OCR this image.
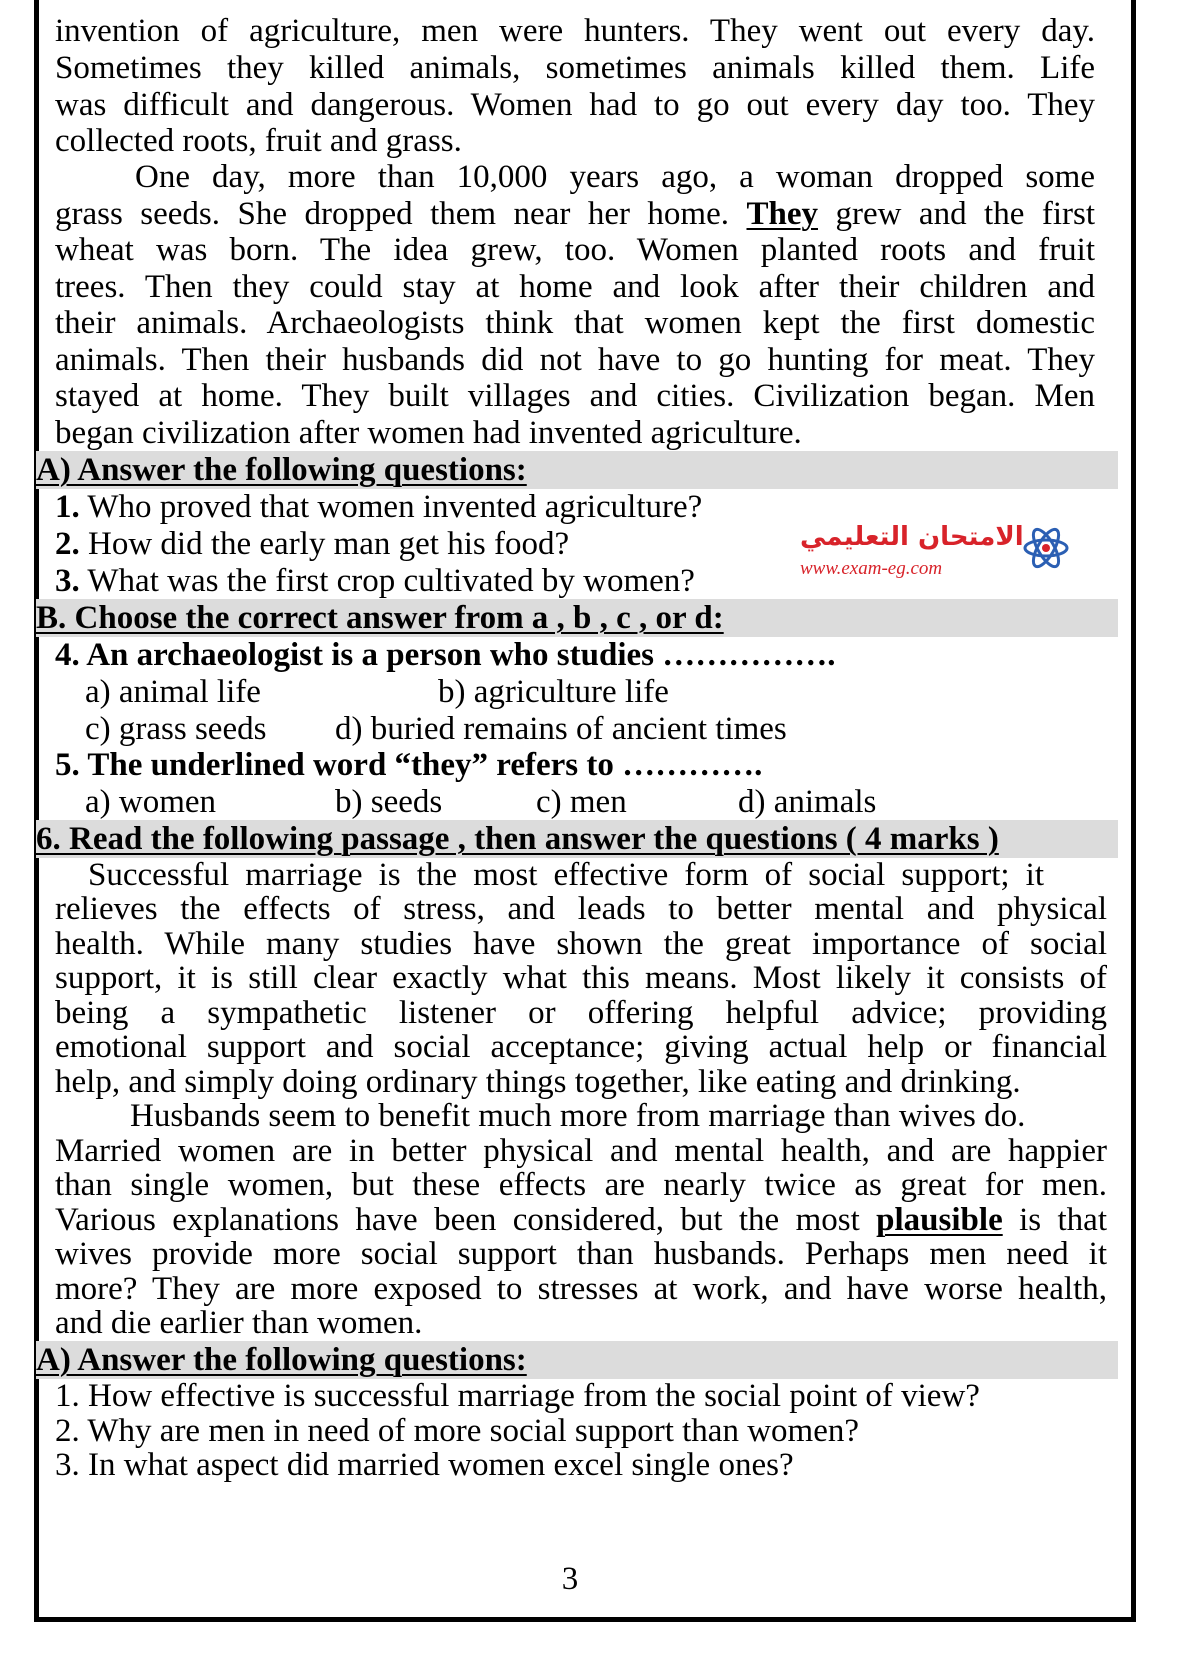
invention of agriculture, men were hunters. They went out every day.
Sometimes they killed animals, sometimes animals killed them. Life
was difficult and dangerous. Women had to go out every day too. They
collected roots, fruit and grass.
One day, more than 10,000 years ago, a woman dropped some
grass seeds. She dropped them near her home. They grew and the first
wheat was born. The idea grew, too. Women planted roots and fruit
trees. Then they could stay at home and look after their children and
their animals. Archaeologists think that women kept the first domestic
animals. Then their husbands did not have to go hunting for meat. They
stayed at home. They built villages and cities. Civilization began. Men
began civilization after women had invented agriculture.
A) Answer the following questions:
1. Who proved that women invented agriculture?
2. How did the early man get his food?
3. What was the first crop cultivated by women?
الامتحان التعليمي
www.exam-eg.com
B. Choose the correct answer from a , b , c , or d:
4. An archaeologist is a person who studies …………….
a) animal life	b) agriculture life
c) grass seeds d) buried remains of ancient times
5. The underlined word “they” refers to ………….
a) women	b) seeds	c) men	d) animals
6. Read the following passage , then answer the questions ( 4 marks )
Successful marriage is the most effective form of social support; it
relieves the effects of stress, and leads to better mental and physical
health. While many studies have shown the great importance of social
support, it is still clear exactly what this means. Most likely it consists of
being a sympathetic listener or offering helpful advice; providing
emotional support and social acceptance; giving actual help or financial
help, and simply doing ordinary things together, like eating and drinking.
Husbands seem to benefit much more from marriage than wives do.
Married women are in better physical and mental health, and are happier
than single women, but these effects are nearly twice as great for men.
Various explanations have been considered, but the most plausible is that
wives provide more social support than husbands. Perhaps men need it
more? They are more exposed to stresses at work, and have worse health,
and die earlier than women.
A) Answer the following questions:
1. How effective is successful marriage from the social point of view?
2. Why are men in need of more social support than women?
3. In what aspect did married women excel single ones?
3
